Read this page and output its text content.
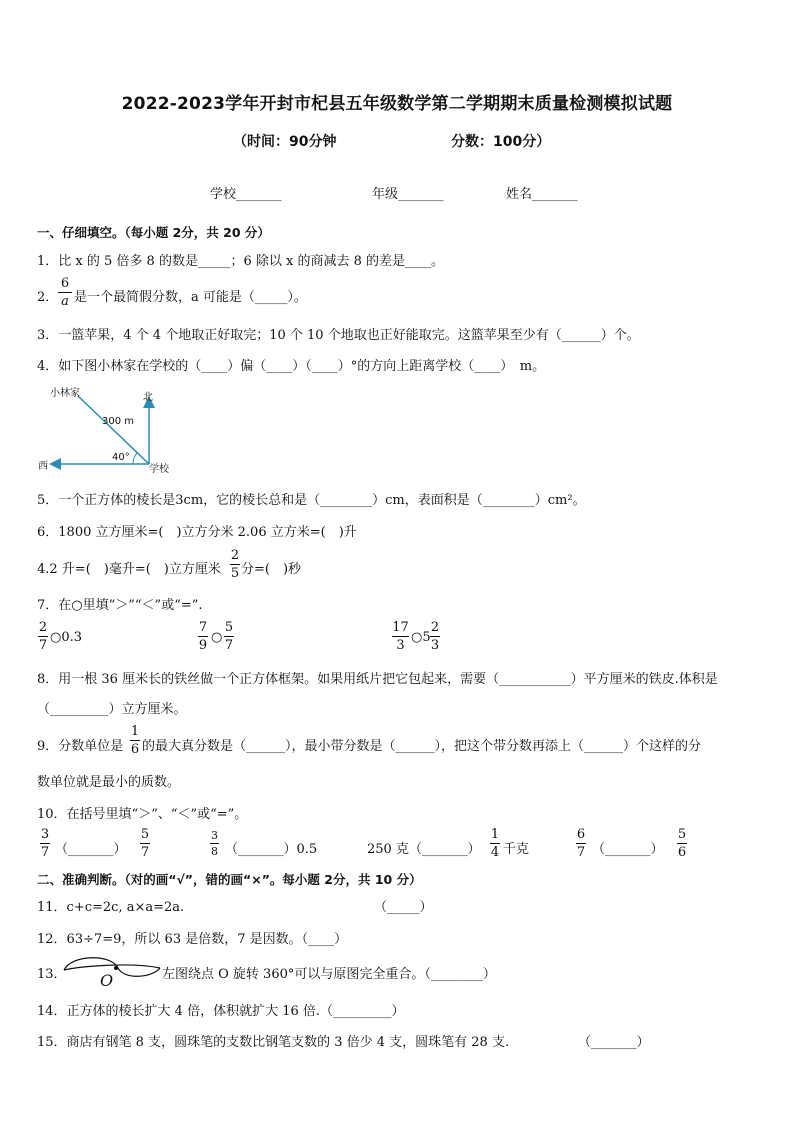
2022-2023学年开封市杞县五年级数学第二学期期末质量检测模拟试题
（时间：90分钟	分数：100分）
学校_______	年级_______	姓名_______
一、仔细填空。（每小题 2分，共 20 分）
1．比 x 的 5 倍多 8 的数是_____；6 除以 x 的商减去 8 的差是____。
2．
6
a 是一个最简假分数，a 可能是（_____）。
3．一篮苹果，4 个 4 个地取正好取完；10 个 10 个地取也正好能取完。这篮苹果至少有（______）个。
4．如下图小林家在学校的（____）偏（____）（____）°的方向上距离学校（____）　m。
小林家	北
西	学校
300 m
40°
5．一个正方体的棱长是3cm，它的棱长总和是（________）cm，表面积是（________）cm²。
6．1800 立方厘米=(　)立方分米 2.06 立方米=(　)升
4.2 升=(　)毫升=(　)立方厘米
2
5 分=(　)秒
7．在○里填“＞”“＜”或“=”.
2
7
○0.3
7
9
○
5
7
17
3
○5
2
3
8．用一根 36 厘米长的铁丝做一个正方体框架。如果用纸片把它包起来，需要（___________）平方厘米的铁皮.体积是
（_________）立方厘米。
9．分数单位是
1
6 的最大真分数是（______），最小带分数是（______），把这个带分数再添上（______）个这样的分
数单位就是最小的质数。
10．在括号里填“＞”、“＜”或“=”。
3
7 （_______）
5
7
3
8 （_______）0.5	250 克（_______）
1
4 千克
6
7 （_______）
5
6
二、准确判断。（对的画“√”，错的画“×”。每小题 2分，共 10 分）
11．c+c=2c, a×a=2a.	（_____）
12．63÷7=9，所以 63 是倍数，7 是因数。（____）
13． O	左图绕点 O 旋转 360°可以与原图完全重合。（________）
14．正方体的棱长扩大 4 倍，体积就扩大 16 倍.（_________）
15．商店有钢笔 8 支，圆珠笔的支数比钢笔支数的 3 倍少 4 支，圆珠笔有 28 支.	（_______）
